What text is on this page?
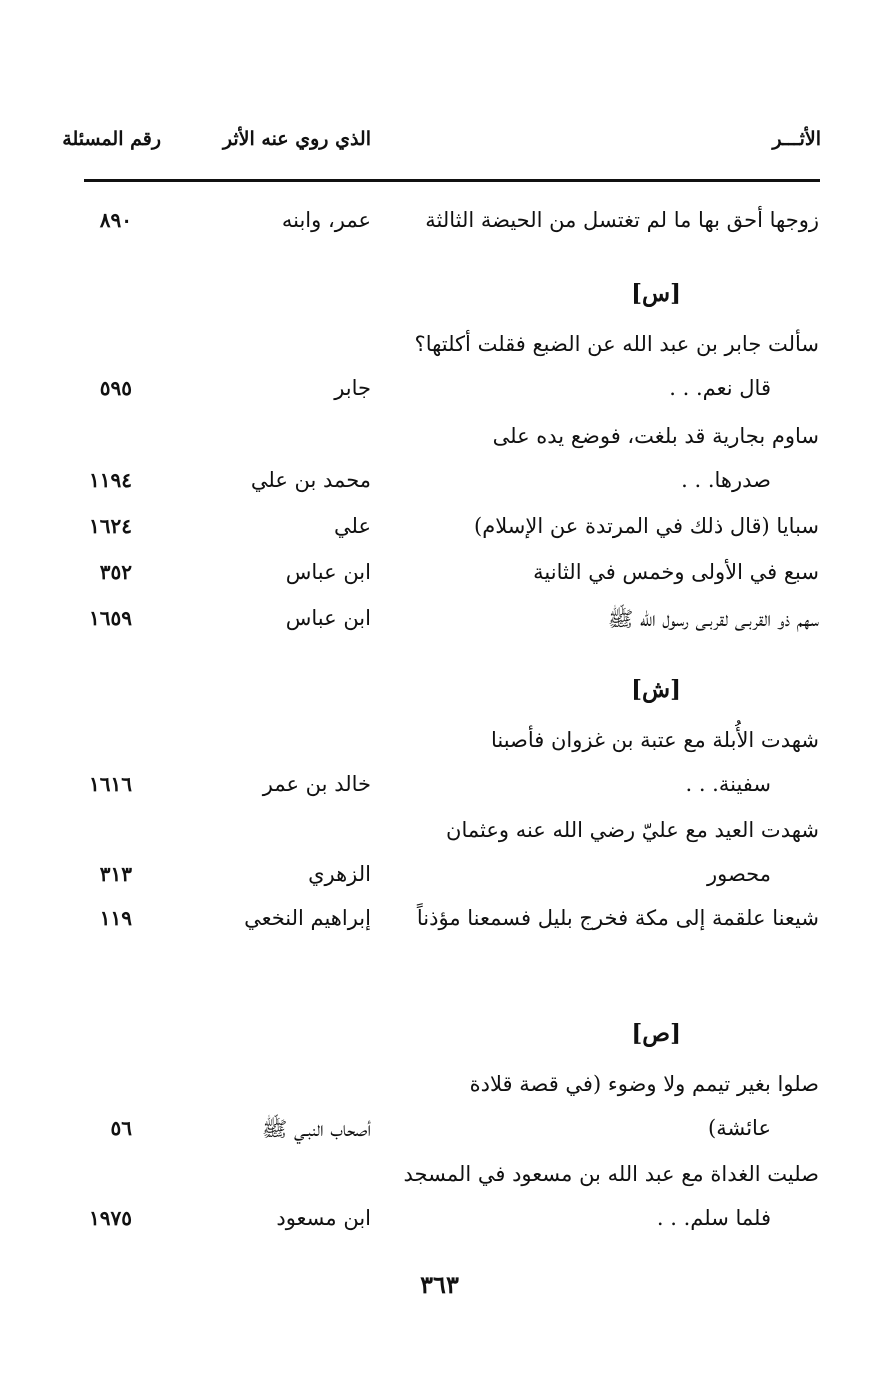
الأثـــر
الذي روي عنه الأثر
رقم المسئلة
زوجها أحق بها ما لم تغتسل من الحيضة الثالثة
عمر، وابنه
٨٩٠
[س]
سألت جابر بن عبد الله عن الضبع فقلت أكلتها؟
قال نعم. . .
جابر
٥٩٥
ساوم بجارية قد بلغت، فوضع يده على
صدرها. . .
محمد بن علي
١١٩٤
سبايا (قال ذلك في المرتدة عن الإسلام)
علي
١٦٢٤
سبع في الأولى وخمس في الثانية
ابن عباس
٣٥٢
سهم ذو القربـى لقربـى رسول الله ﷺ
ابن عباس
١٦٥٩
[ش]
شهدت الأُبلة مع عتبة بن غزوان فأصبنا
سفينة. . .
خالد بن عمر
١٦١٦
شهدت العيد مع عليّ رضي الله عنه وعثمان
محصور
الزهري
٣١٣
شيعنا علقمة إلى مكة فخرج بليل فسمعنا مؤذناً
إبراهيم النخعي
١١٩
[ص]
صلوا بغير تيمم ولا وضوء (في قصة قلادة
عائشة)
أصحاب النبـي ﷺ
٥٦
صليت الغداة مع عبد الله بن مسعود في المسجد
فلما سلم. . .
ابن مسعود
١٩٧٥
٣٦٣
